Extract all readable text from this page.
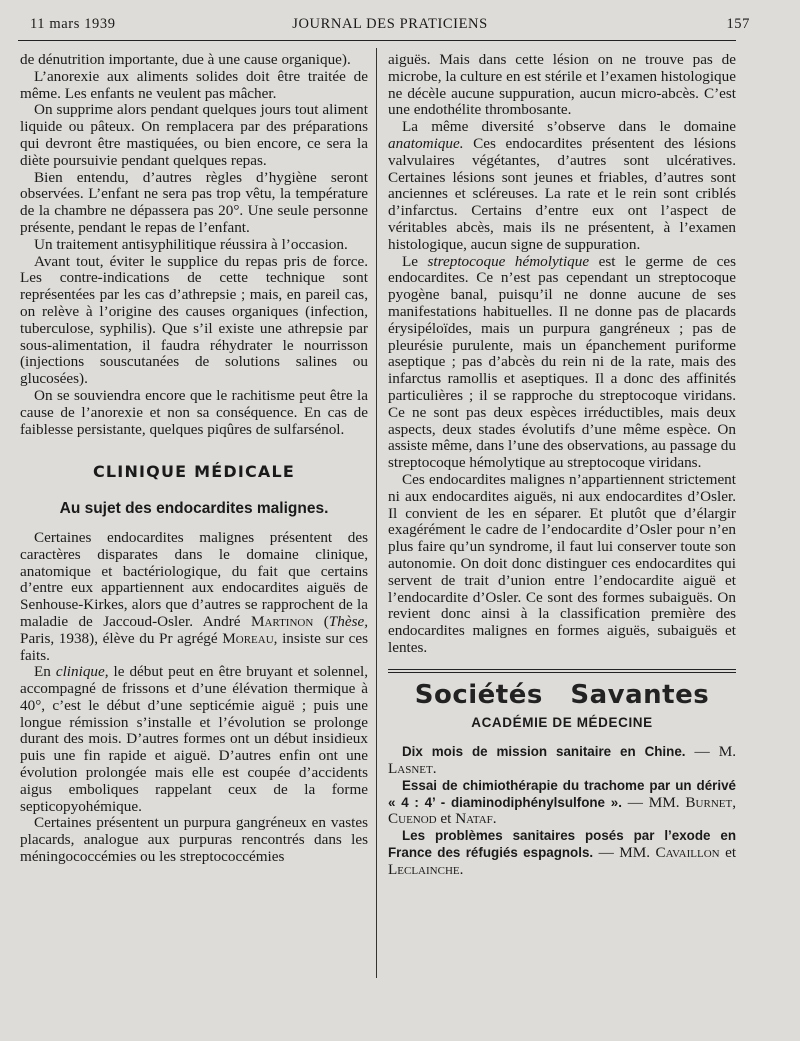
11 mars 1939	JOURNAL DES PRATICIENS	157

de dénutrition importante, due à une cause organique).

L’anorexie aux aliments solides doit être traitée de même. Les enfants ne veulent pas mâcher.

On supprime alors pendant quelques jours tout aliment liquide ou pâteux. On remplacera par des préparations qui devront être mastiquées, ou bien encore, ce sera la diète poursuivie pendant quelques repas.

Bien entendu, d’autres règles d’hygiène seront observées. L’enfant ne sera pas trop vêtu, la température de la chambre ne dépassera pas 20°. Une seule personne présente, pendant le repas de l’enfant.

Un traitement antisyphilitique réussira à l’occasion.

Avant tout, éviter le supplice du repas pris de force. Les contre-indications de cette technique sont représentées par les cas d’athrepsie ; mais, en pareil cas, on relève à l’origine des causes organiques (infection, tuberculose, syphilis). Que s’il existe une athrepsie par sous-alimentation, il faudra réhydrater le nourrisson (injections souscutanées de solutions salines ou glucosées).

On se souviendra encore que le rachitisme peut être la cause de l’anorexie et non sa conséquence. En cas de faiblesse persistante, quelques piqûres de sulfarsénol.

CLINIQUE MÉDICALE
Au sujet des endocardites malignes.

Certaines endocardites malignes présentent des caractères disparates dans le domaine clinique, anatomique et bactériologique, du fait que certains d’entre eux appartiennent aux endocardites aiguës de Senhouse-Kirkes, alors que d’autres se rapprochent de la maladie de Jaccoud-Osler. André Martinon (Thèse, Paris, 1938), élève du Pr agrégé Moreau, insiste sur ces faits.

En clinique, le début peut en être bruyant et solennel, accompagné de frissons et d’une élévation thermique à 40°, c’est le début d’une septicémie aiguë ; puis une longue rémission s’installe et l’évolution se prolonge durant des mois. D’autres formes ont un début insidieux puis une fin rapide et aiguë. D’autres enfin ont une évolution prolongée mais elle est coupée d’accidents aigus emboliques rappelant ceux de la forme septicopyohémique.

Certaines présentent un purpura gangréneux en vastes placards, analogue aux purpuras rencontrés dans les méningococcémies ou les streptococcémies

aiguës. Mais dans cette lésion on ne trouve pas de microbe, la culture en est stérile et l’examen histologique ne décèle aucune suppuration, aucun micro-abcès. C’est une endothélite thrombosante.

La même diversité s’observe dans le domaine anatomique. Ces endocardites présentent des lésions valvulaires végétantes, d’autres sont ulcératives. Certaines lésions sont jeunes et friables, d’autres sont anciennes et scléreuses. La rate et le rein sont criblés d’infarctus. Certains d’entre eux ont l’aspect de véritables abcès, mais ils ne présentent, à l’examen histologique, aucun signe de suppuration.

Le streptocoque hémolytique est le germe de ces endocardites. Ce n’est pas cependant un streptocoque pyogène banal, puisqu’il ne donne aucune de ses manifestations habituelles. Il ne donne pas de placards érysipéloïdes, mais un purpura gangréneux ; pas de pleurésie purulente, mais un épanchement puriforme aseptique ; pas d’abcès du rein ni de la rate, mais des infarctus ramollis et aseptiques. Il a donc des affinités particulières ; il se rapproche du streptocoque viridans. Ce ne sont pas deux espèces irréductibles, mais deux aspects, deux stades évolutifs d’une même espèce. On assiste même, dans l’une des observations, au passage du streptocoque hémolytique au streptocoque viridans.

Ces endocardites malignes n’appartiennent strictement ni aux endocardites aiguës, ni aux endocardites d’Osler. Il convient de les en séparer. Et plutôt que d’élargir exagérément le cadre de l’endocardite d’Osler pour n’en plus faire qu’un syndrome, il faut lui conserver toute son autonomie. On doit donc distinguer ces endocardites qui servent de trait d’union entre l’endocardite aiguë et l’endocardite d’Osler. Ce sont des formes subaiguës. On revient donc ainsi à la classification première des endocardites malignes en formes aiguës, subaiguës et lentes.

Sociétés Savantes
ACADÉMIE DE MÉDECINE

Dix mois de mission sanitaire en Chine. — M. Lasnet.

Essai de chimiothérapie du trachome par un dérivé « 4 : 4’ - diaminodiphénylsulfone ». — MM. Burnet, Cuenod et Nataf.

Les problèmes sanitaires posés par l’exode en France des réfugiés espagnols. — MM. Cavaillon et Leclainche.
